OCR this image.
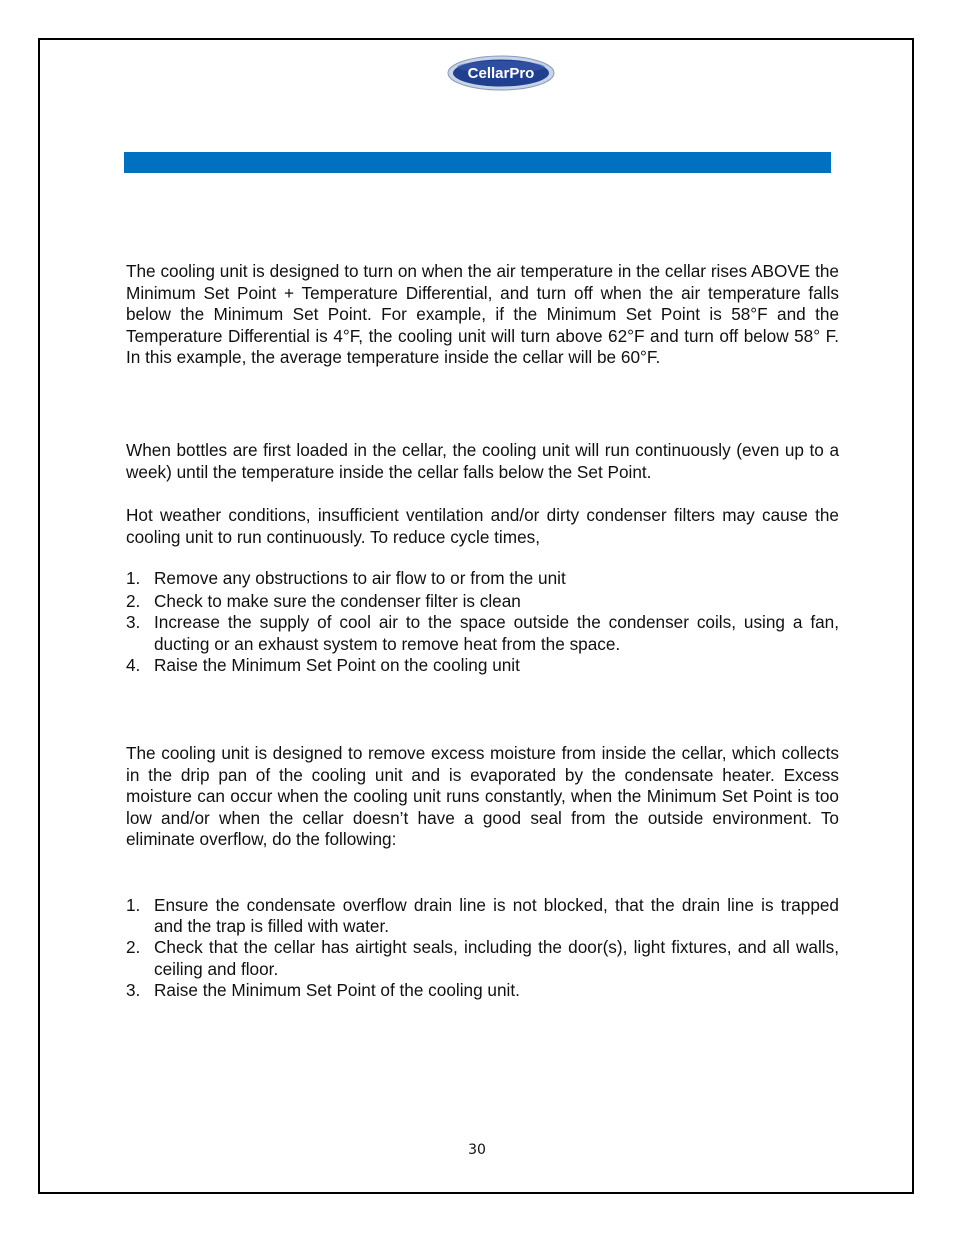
CellarPro

The cooling unit is designed to turn on when the air temperature in the cellar rises ABOVE the Minimum Set Point + Temperature Differential, and turn off when the air temperature falls below the Minimum Set Point. For example, if the Minimum Set Point is 58°F and the Temperature Differential is 4°F, the cooling unit will turn above 62°F and turn off below 58° F. In this example, the average temperature inside the cellar will be 60°F.

When bottles are first loaded in the cellar, the cooling unit will run continuously (even up to a week) until the temperature inside the cellar falls below the Set Point.

Hot weather conditions, insufficient ventilation and/or dirty condenser filters may cause the cooling unit to run continuously. To reduce cycle times,

1. Remove any obstructions to air flow to or from the unit
2. Check to make sure the condenser filter is clean
3. Increase the supply of cool air to the space outside the condenser coils, using a fan, ducting or an exhaust system to remove heat from the space.
4. Raise the Minimum Set Point on the cooling unit

The cooling unit is designed to remove excess moisture from inside the cellar, which collects in the drip pan of the cooling unit and is evaporated by the condensate heater. Excess moisture can occur when the cooling unit runs constantly, when the Minimum Set Point is too low and/or when the cellar doesn’t have a good seal from the outside environment. To eliminate overflow, do the following:

1. Ensure the condensate overflow drain line is not blocked, that the drain line is trapped and the trap is filled with water.
2. Check that the cellar has airtight seals, including the door(s), light fixtures, and all walls, ceiling and floor.
3. Raise the Minimum Set Point of the cooling unit.
30
